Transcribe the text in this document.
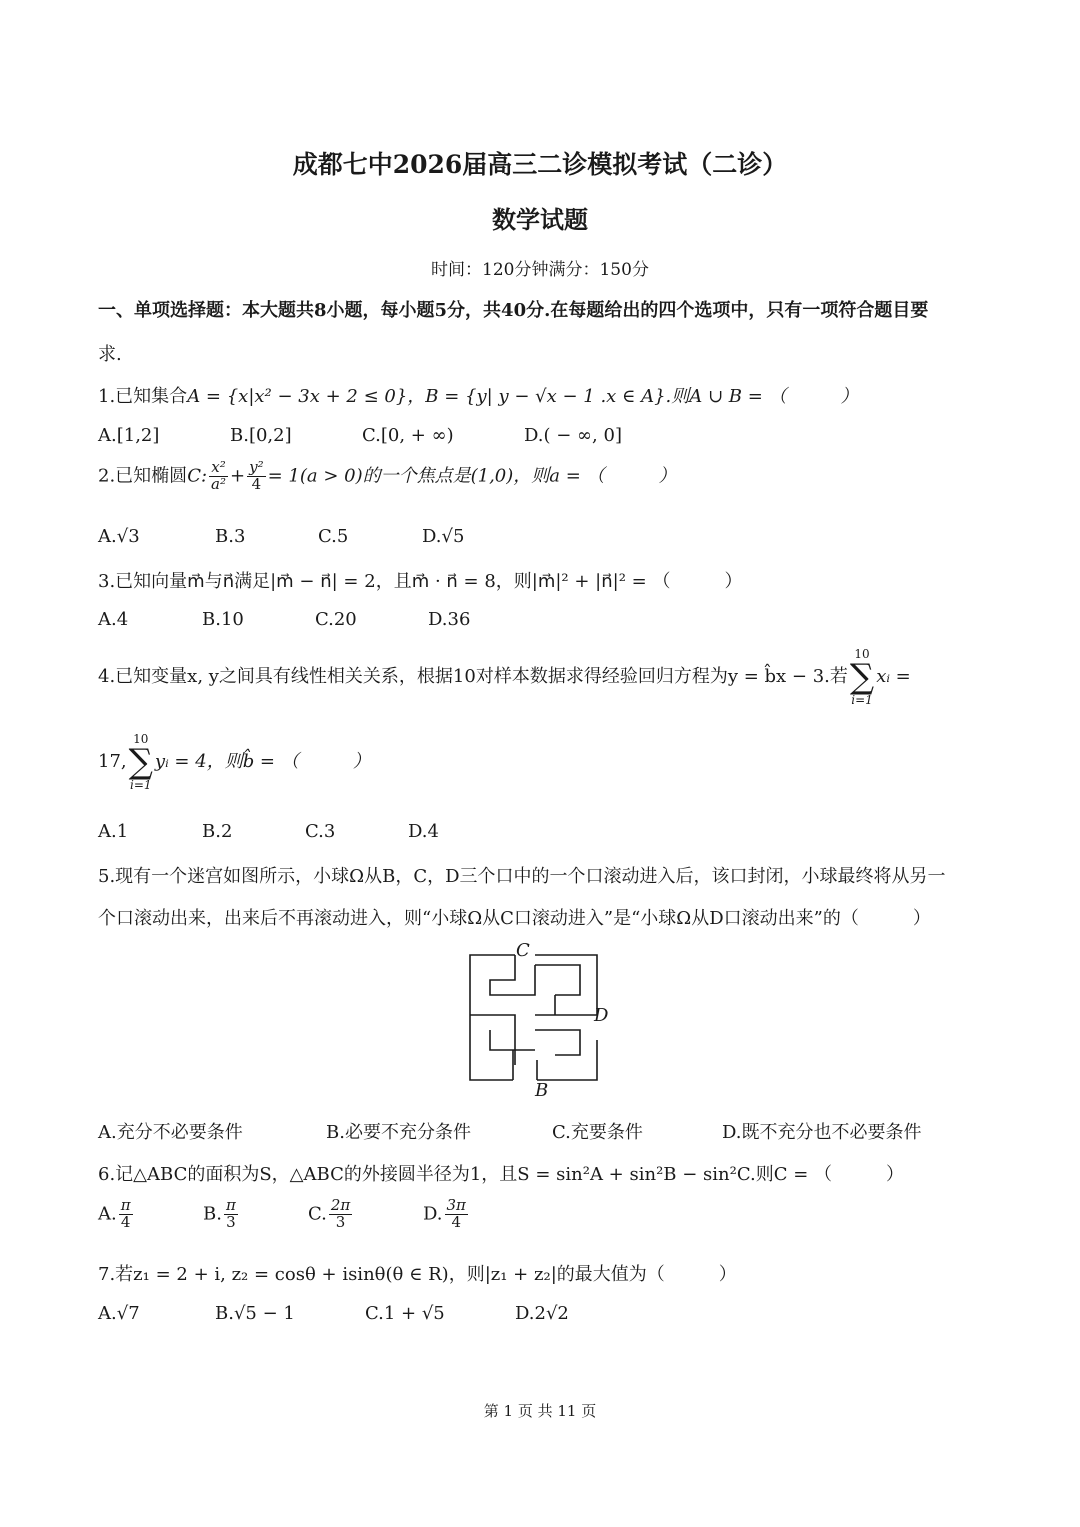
成都七中2026届高三二诊模拟考试（二诊）
数学试题
时间：120分钟满分：150分
一、单项选择题：本大题共8小题，每小题5分，共40分.在每题给出的四个选项中，只有一项符合题目要
求.
1.已知集合A = {x|x² − 3x + 2 ≤ 0}，B = {y| y − √x − 1 .x ∈ A}.则A ∪ B = （　　　）
A.[1,2]	B.[0,2]	C.[0, + ∞)	D.( − ∞, 0]
2.已知椭圆C: $\frac{\text{x²}}{\text{a²}} + \frac{\text{y²}}{4} = 1(a > 0)$的一个焦点是(1,0)，则a = （　　　）
A.√3	B.3	C.5	D.√5
3.已知向量m⃗与n⃗满足|m⃗ − n⃗| = 2，且m⃗ · n⃗ = 8，则|m⃗|² + |n⃗|² = （　　　）
A.4	B.10	C.20	D.36
4.已知变量x, y之间具有线性相关关系，根据10对样本数据求得经验回归方程为y = b̂x − 3.若
10
∑
i=1
xᵢ =
17,
10
∑
i=1
yᵢ = 4，则b̂ = （　　　）
A.1	B.2	C.3	D.4
5.现有一个迷宫如图所示，小球Ω从B，C，D三个口中的一个口滚动进入后，该口封闭，小球最终将从另一
个口滚动出来，出来后不再滚动进入，则“小球Ω从C口滚动进入”是“小球Ω从D口滚动出来”的（　　　）
C
D
B
A.充分不必要条件	B.必要不充分条件	C.充要条件	D.既不充分也不必要条件
6.记△ABC的面积为S，△ABC的外接圆半径为1，且S = sin²A + sin²B − sin²C.则C = （　　　）
A. $\frac{\pi}{4}$	B. $\frac{\pi}{3}$	C. $\frac{2\pi}{3}$	D. $\frac{3\pi}{4}$
7.若z₁ = 2 + i, z₂ = cosθ + isinθ(θ ∈ R)，则|z₁ + z₂|的最大值为（　　　）
A.√7	B.√5 − 1	C.1 + √5	D.2√2
第 1 页 共 11 页
